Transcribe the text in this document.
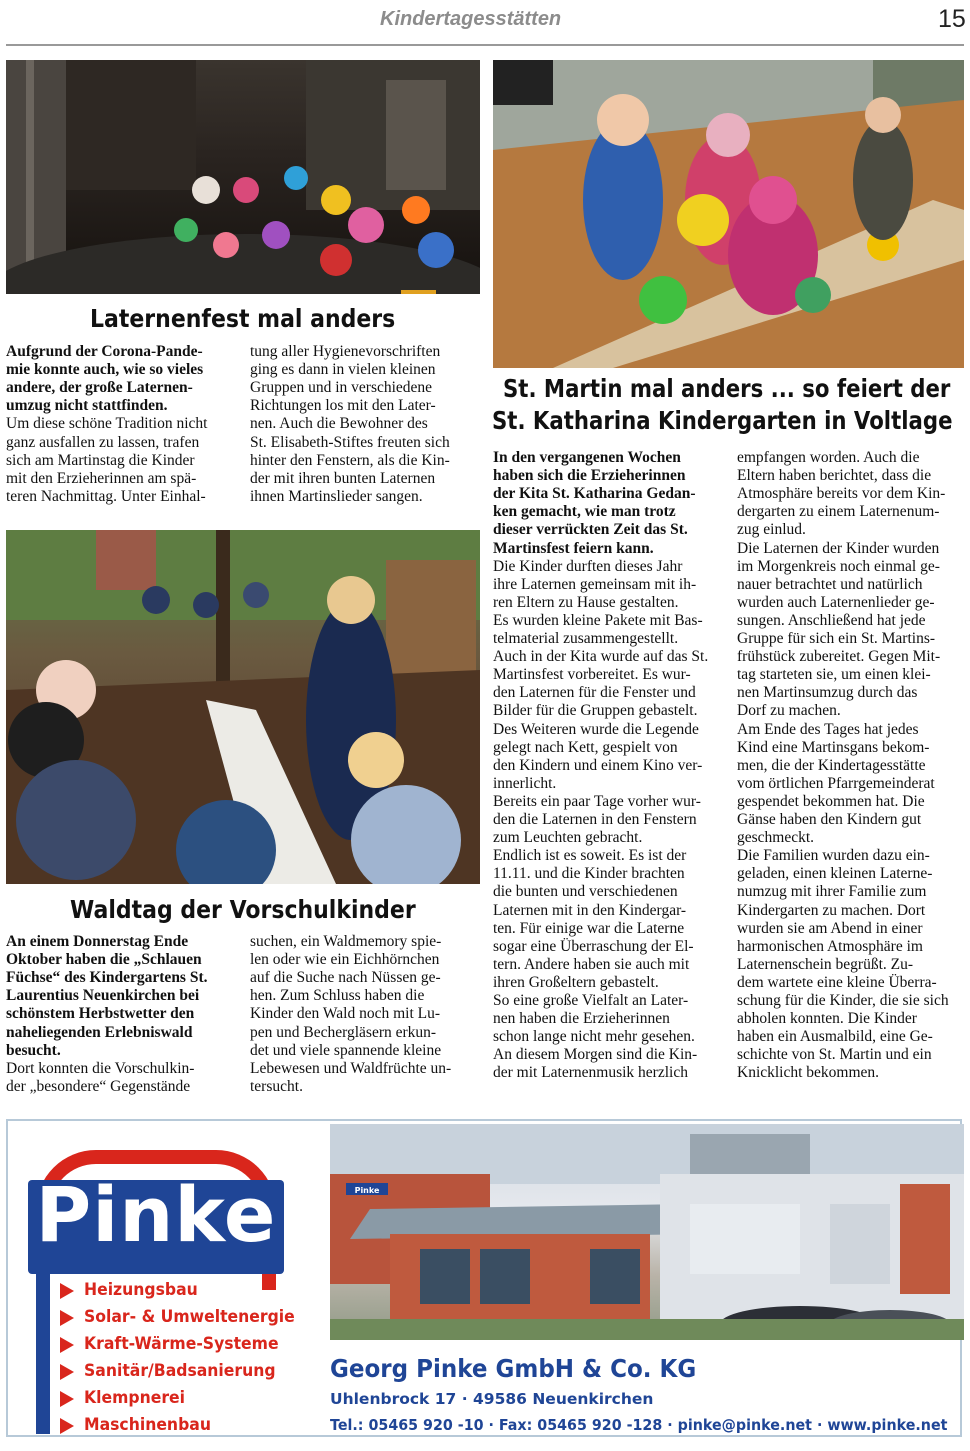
Kindertagesstätten	15
Laternenfest mal anders
Aufgrund der Corona-Pande-
mie konnte auch, wie so vieles
andere, der große Laternen-
umzug nicht stattfinden.
Um diese schöne Tradition nicht
ganz ausfallen zu lassen, trafen
sich am Martinstag die Kinder
mit den Erzieherinnen am spä-
teren Nachmittag. Unter Einhal-
tung aller Hygienevorschriften
ging es dann in vielen kleinen
Gruppen und in verschiedene
Richtungen los mit den Later-
nen. Auch die Bewohner des
St. Elisabeth-Stiftes freuten sich
hinter den Fenstern, als die Kin-
der mit ihren bunten Laternen
ihnen Martinslieder sangen.
St. Martin mal anders ... so feiert der
St. Katharina Kindergarten in Voltlage
In den vergangenen Wochen
haben sich die Erzieherinnen
der Kita St. Katharina Gedan-
ken gemacht, wie man trotz
dieser verrückten Zeit das St.
Martinsfest feiern kann.
Die Kinder durften dieses Jahr
ihre Laternen gemeinsam mit ih-
ren Eltern zu Hause gestalten.
Es wurden kleine Pakete mit Bas-
telmaterial zusammengestellt.
Auch in der Kita wurde auf das St.
Martinsfest vorbereitet. Es wur-
den Laternen für die Fenster und
Bilder für die Gruppen gebastelt.
Des Weiteren wurde die Legende
gelegt nach Kett, gespielt von
den Kindern und einem Kino ver-
innerlicht.
Bereits ein paar Tage vorher wur-
den die Laternen in den Fenstern
zum Leuchten gebracht.
Endlich ist es soweit. Es ist der
11.11. und die Kinder brachten
die bunten und verschiedenen
Laternen mit in den Kindergar-
ten. Für einige war die Laterne
sogar eine Überraschung der El-
tern. Andere haben sie auch mit
ihren Großeltern gebastelt.
So eine große Vielfalt an Later-
nen haben die Erzieherinnen
schon lange nicht mehr gesehen.
An diesem Morgen sind die Kin-
der mit Laternenmusik herzlich
empfangen worden. Auch die
Eltern haben berichtet, dass die
Atmosphäre bereits vor dem Kin-
dergarten zu einem Laternenum-
zug einlud.
Die Laternen der Kinder wurden
im Morgenkreis noch einmal ge-
nauer betrachtet und natürlich
wurden auch Laternenlieder ge-
sungen. Anschließend hat jede
Gruppe für sich ein St. Martins-
frühstück zubereitet. Gegen Mit-
tag starteten sie, um einen klei-
nen Martinsumzug durch das
Dorf zu machen.
Am Ende des Tages hat jedes
Kind eine Martinsgans bekom-
men, die der Kindertagesstätte
vom örtlichen Pfarrgemeinderat
gespendet bekommen hat. Die
Gänse haben den Kindern gut
geschmeckt.
Die Familien wurden dazu ein-
geladen, einen kleinen Laterne-
numzug mit ihrer Familie zum
Kindergarten zu machen. Dort
wurden sie am Abend in einer
harmonischen Atmosphäre im
Laternenschein begrüßt. Zu-
dem wartete eine kleine Überra-
schung für die Kinder, die sie sich
abholen konnten. Die Kinder
haben ein Ausmalbild, eine Ge-
schichte von St. Martin und ein
Knicklicht bekommen.
Waldtag der Vorschulkinder
An einem Donnerstag Ende
Oktober haben die „Schlauen
Füchse“ des Kindergartens St.
Laurentius Neuenkirchen bei
schönstem Herbstwetter den
naheliegenden Erlebniswald
besucht.
Dort konnten die Vorschulkin-
der „besondere“ Gegenstände
suchen, ein Waldmemory spie-
len oder wie ein Eichhörnchen
auf die Suche nach Nüssen ge-
hen. Zum Schluss haben die
Kinder den Wald noch mit Lu-
pen und Bechergläsern erkun-
det und viele spannende kleine
Lebewesen und Waldfrüchte un-
tersucht.
Pinke
Heizungsbau
Solar- & Umweltenergie
Kraft-Wärme-Systeme
Sanitär/Badsanierung
Klempnerei
Maschinenbau
Pinke
Georg Pinke GmbH & Co. KG
Uhlenbrock 17 · 49586 Neuenkirchen
Tel.: 05465 920 -10 · Fax: 05465 920 -128 · pinke@pinke.net · www.pinke.net
